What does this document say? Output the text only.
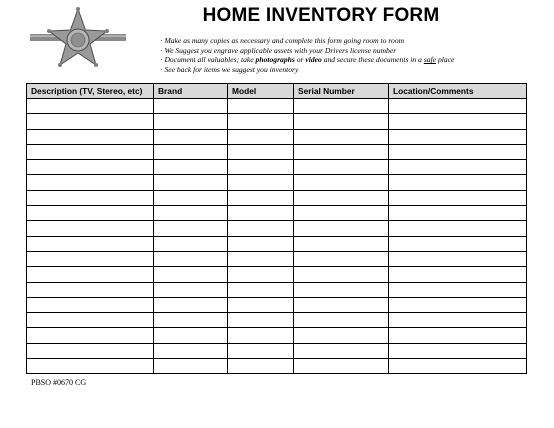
HOME INVENTORY FORM
· Make as many copies as necessary and complete this form going room to room
· We Suggest you engrave applicable assets with your Drivers license number
· Document all valuables; take photographs or video and secure these documents in a safe place
· See back for items we suggest you inventory
Description (TV, Stereo, etc)	Brand	Model	Serial Number	Location/Comments

PBSO #0670 CG
